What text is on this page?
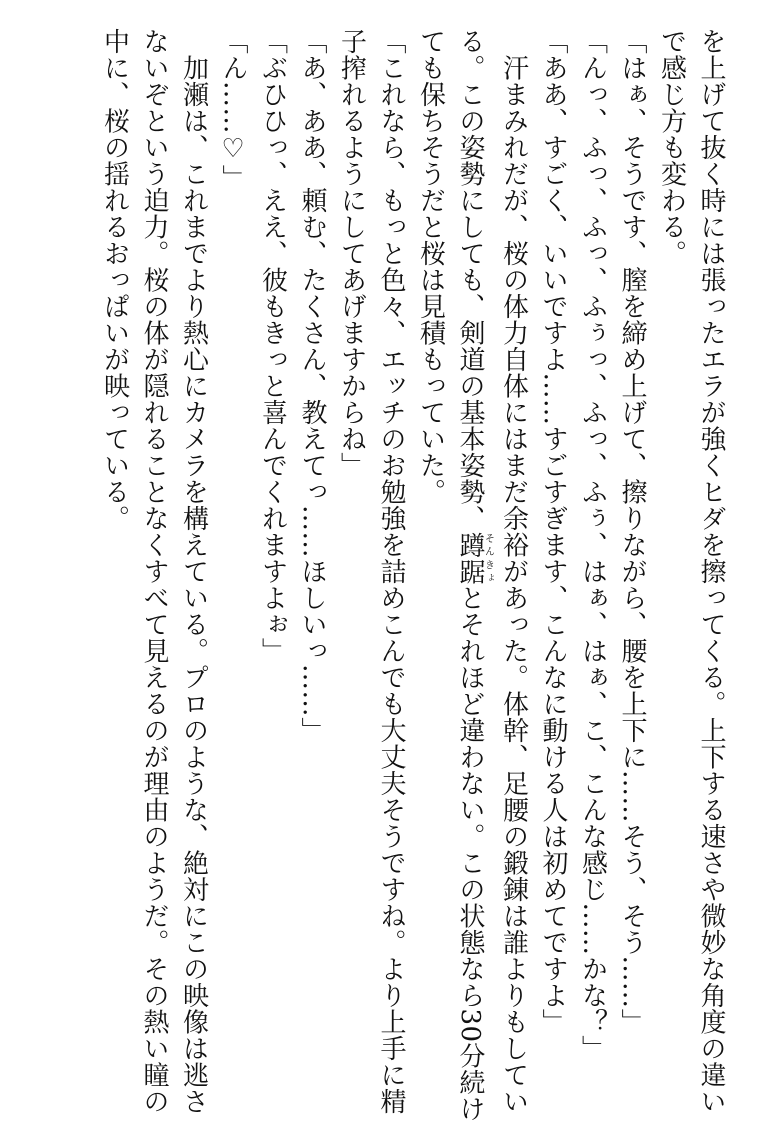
を上げて抜く時には張ったエラが強くヒダを擦ってくる。上下する速さや微妙な角度の違い

で感じ方も変わる。

「はぁ、そうです、膣を締め上げて、擦りながら、腰を上下に……そう、そう……」

「んっ、ふっ、ふっ、ふぅっ、ふっ、ふぅ、はぁ、はぁ、こ、こんな感じ……かな？」

「ああ、すごく、いいですよ……すごすぎます、こんなに動ける人は初めてですよ」

　汗まみれだが、桜の体力自体にはまだ余裕があった。体幹、足腰の鍛錬は誰よりもしてい

る。この姿勢にしても、剣道の基本姿勢、蹲踞そんきょとそれほど違わない。この状態なら30分続け

ても保ちそうだと桜は見積もっていた。

「これなら、もっと色々、エッチのお勉強を詰めこんでも大丈夫そうですね。より上手に精

子搾れるようにしてあげますからね」

「あ、ああ、頼む、たくさん、教えてっ……ほしいっ……」

「ぶひひっ、ええ、彼もきっと喜んでくれますよぉ」

「ん……♡」

　加瀬は、これまでより熱心にカメラを構えている。プロのような、絶対にこの映像は逃さ

ないぞという迫力。桜の体が隠れることなくすべて見えるのが理由のようだ。その熱い瞳の

中に、桜の揺れるおっぱいが映っている。
